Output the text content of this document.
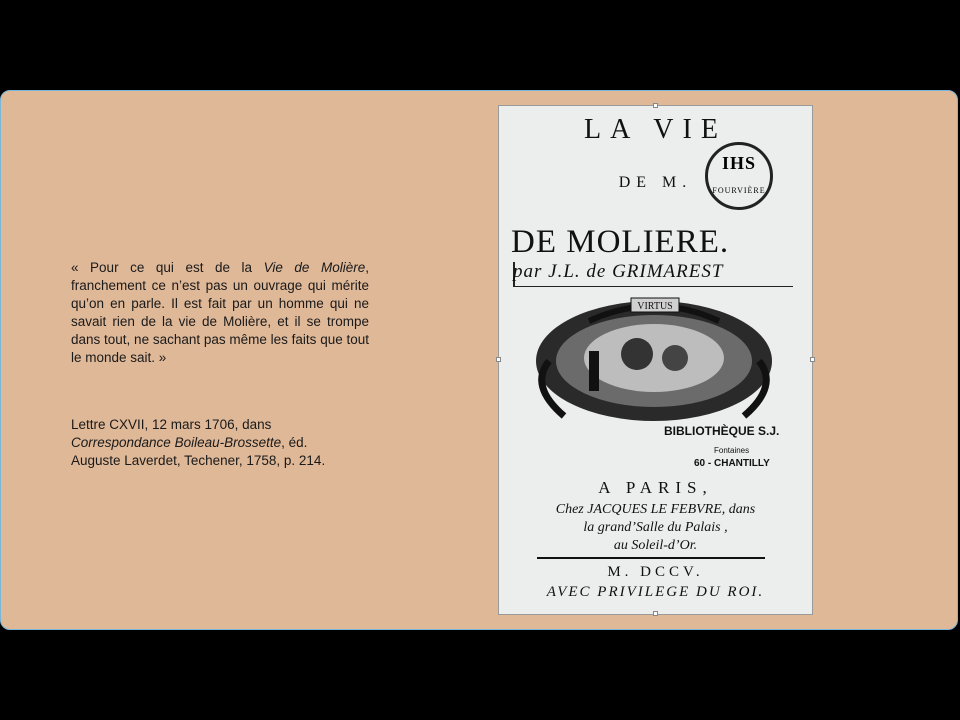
« Pour ce qui est de la Vie de Molière, franchement ce n’est pas un ouvrage qui mérite qu’on en parle. Il est fait par un homme qui ne savait rien de la vie de Molière, et il se trompe dans tout, ne sachant pas même les faits que tout le monde sait. »
Lettre CXVII, 12 mars 1706, dans
Correspondance Boileau-Brossette, éd.
Auguste Laverdet, Techener, 1758, p. 214.
LA VIE
DE M.
DE MOLIERE.
par J.L. de GRIMAREST
IHS
FOURVIÈRE
VIRTUS
BIBLIOTHÈQUE S.J.
Fontaines
60 - CHANTILLY
A PARIS,
Chez JACQUES LE FEBVRE, dans
la grand’Salle du Palais ,
au Soleil-d’Or.
M. DCCV.
AVEC PRIVILEGE DU ROI.
